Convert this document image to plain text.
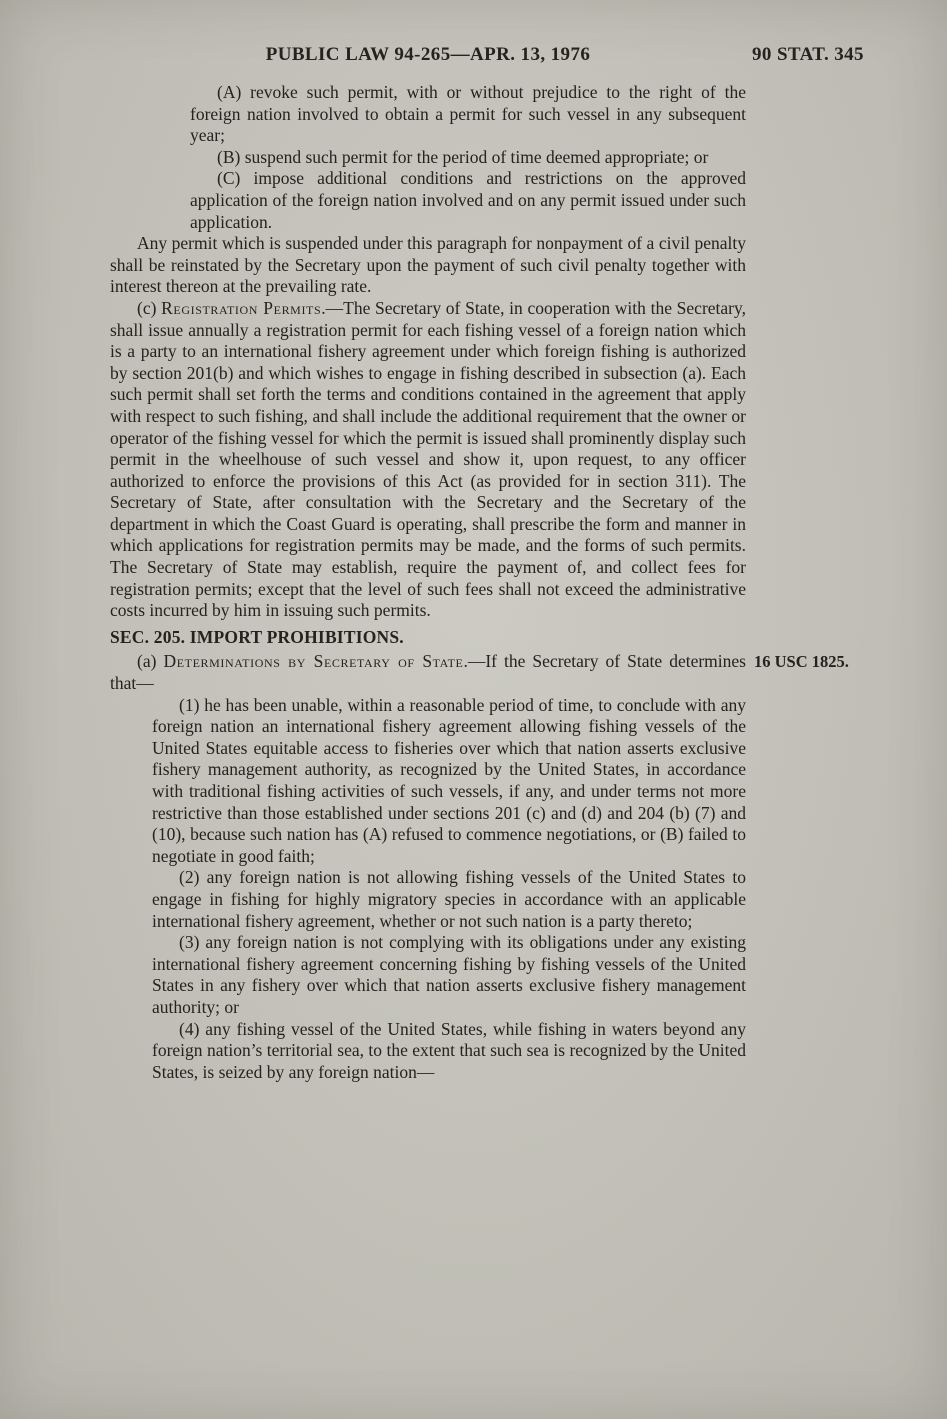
PUBLIC LAW 94-265—APR. 13, 1976	90 STAT. 345

(A) revoke such permit, with or without prejudice to the right of the foreign nation involved to obtain a permit for such vessel in any subsequent year;

(B) suspend such permit for the period of time deemed appropriate; or

(C) impose additional conditions and restrictions on the approved application of the foreign nation involved and on any permit issued under such application.

Any permit which is suspended under this paragraph for nonpayment of a civil penalty shall be reinstated by the Secretary upon the payment of such civil penalty together with interest thereon at the prevailing rate.

(c) Registration Permits.—The Secretary of State, in cooperation with the Secretary, shall issue annually a registration permit for each fishing vessel of a foreign nation which is a party to an international fishery agreement under which foreign fishing is authorized by section 201(b) and which wishes to engage in fishing described in subsection (a). Each such permit shall set forth the terms and conditions contained in the agreement that apply with respect to such fishing, and shall include the additional requirement that the owner or operator of the fishing vessel for which the permit is issued shall prominently display such permit in the wheelhouse of such vessel and show it, upon request, to any officer authorized to enforce the provisions of this Act (as provided for in section 311). The Secretary of State, after consultation with the Secretary and the Secretary of the department in which the Coast Guard is operating, shall prescribe the form and manner in which applications for registration permits may be made, and the forms of such permits. The Secretary of State may establish, require the payment of, and collect fees for registration permits; except that the level of such fees shall not exceed the administrative costs incurred by him in issuing such permits.

SEC. 205. IMPORT PROHIBITIONS.

(a) Determinations by Secretary of State.—If the Secretary of State determines that—
16 USC 1825.

(1) he has been unable, within a reasonable period of time, to conclude with any foreign nation an international fishery agreement allowing fishing vessels of the United States equitable access to fisheries over which that nation asserts exclusive fishery management authority, as recognized by the United States, in accordance with traditional fishing activities of such vessels, if any, and under terms not more restrictive than those established under sections 201 (c) and (d) and 204 (b) (7) and (10), because such nation has (A) refused to commence negotiations, or (B) failed to negotiate in good faith;

(2) any foreign nation is not allowing fishing vessels of the United States to engage in fishing for highly migratory species in accordance with an applicable international fishery agreement, whether or not such nation is a party thereto;

(3) any foreign nation is not complying with its obligations under any existing international fishery agreement concerning fishing by fishing vessels of the United States in any fishery over which that nation asserts exclusive fishery management authority; or

(4) any fishing vessel of the United States, while fishing in waters beyond any foreign nation’s territorial sea, to the extent that such sea is recognized by the United States, is seized by any foreign nation—
